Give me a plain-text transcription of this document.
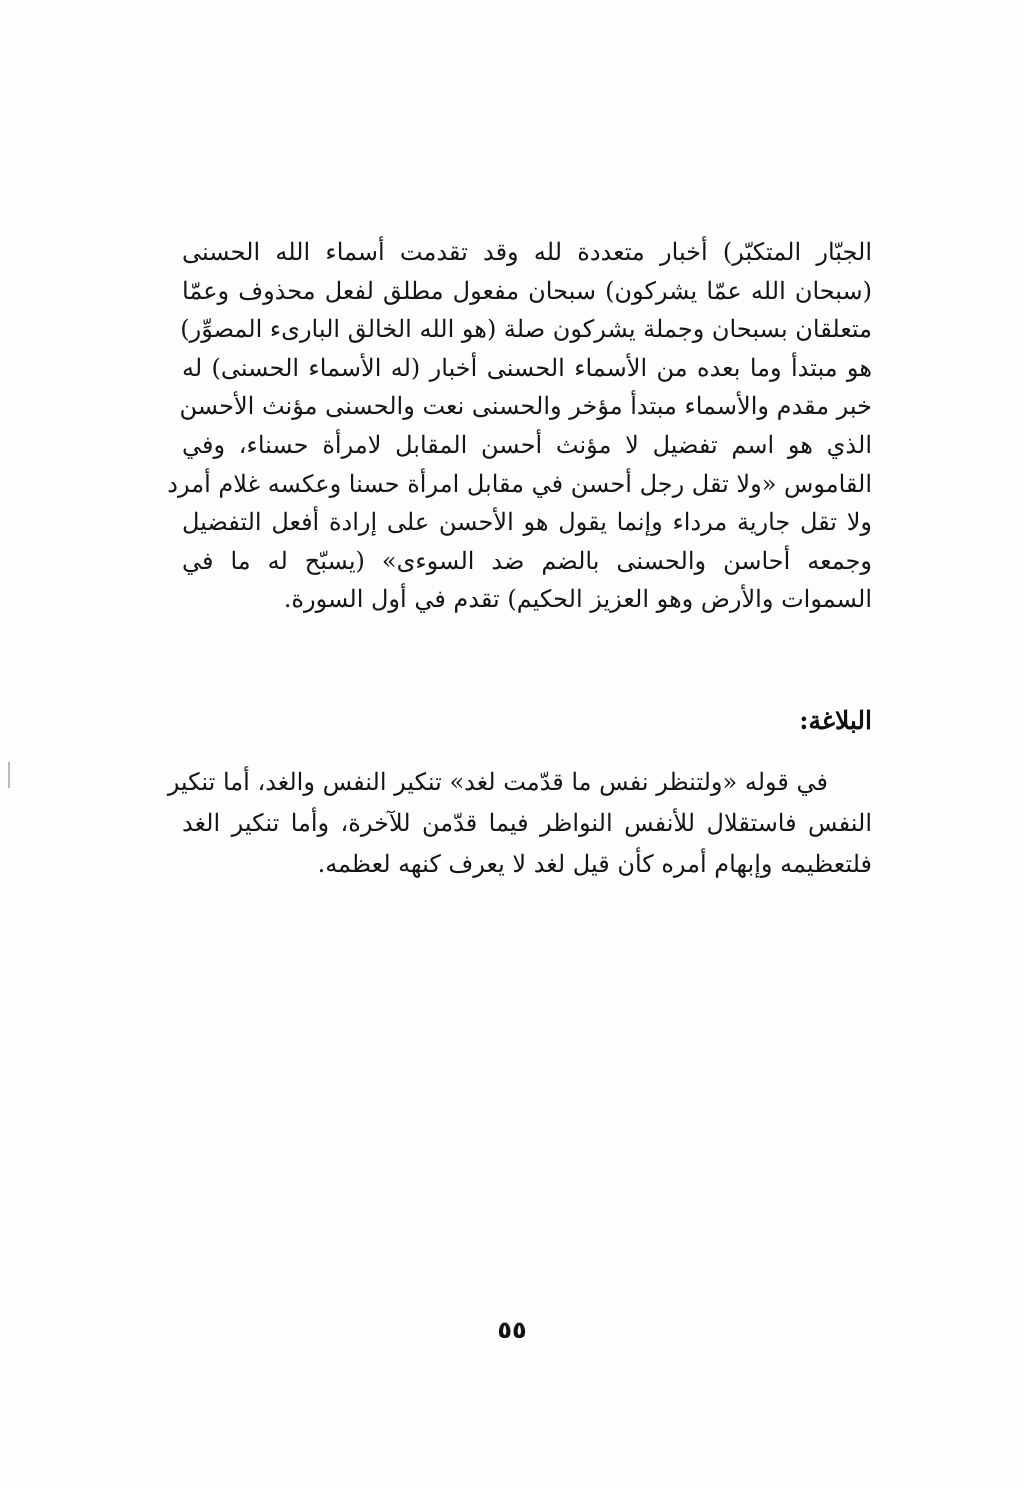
الجبّار المتكبّر) أخبار متعددة لله وقد تقدمت أسماء الله الحسنى
(سبحان الله عمّا يشركون) سبحان مفعول مطلق لفعل محذوف وعمّا
متعلقان بسبحان وجملة يشركون صلة (هو الله الخالق البارىء المصوِّر)
هو مبتدأ وما بعده من الأسماء الحسنى أخبار (له الأسماء الحسنى) له
خبر مقدم والأسماء مبتدأ مؤخر والحسنى نعت والحسنى مؤنث الأحسن
الذي هو اسم تفضيل لا مؤنث أحسن المقابل لامرأة حسناء، وفي
القاموس «ولا تقل رجل أحسن في مقابل امرأة حسنا وعكسه غلام أمرد
ولا تقل جارية مرداء وإنما يقول هو الأحسن على إرادة أفعل التفضيل
وجمعه أحاسن والحسنى بالضم ضد السوءى» (يسبّح له ما في
السموات والأرض وهو العزيز الحكيم) تقدم في أول السورة.
البلاغة:
في قوله «ولتنظر نفس ما قدّمت لغد» تنكير النفس والغد، أما تنكير
النفس فاستقلال للأنفس النواظر فيما قدّمن للآخرة، وأما تنكير الغد
فلتعظيمه وإبهام أمره كأن قيل لغد لا يعرف كنهه لعظمه.
٥٥
